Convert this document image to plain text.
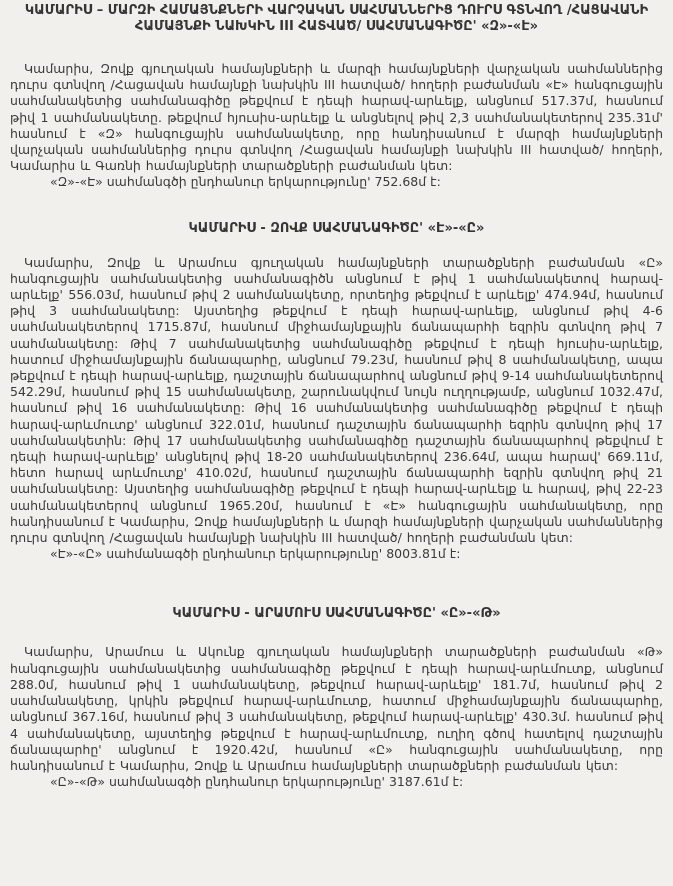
ԿԱՄԱՐԻՍ – ՄԱՐԶԻ ՀԱՄԱՅՆՔՆԵՐԻ ՎԱՐՉԱԿԱՆ ՍԱՀՄԱՆՆԵՐԻՑ ԴՈՒՐՍ ԳՏՆՎՈՂ /ՀԱՑԱՎԱՆԻ ՀԱՄԱՅՆՔԻ ՆԱԽԿԻՆ III ՀԱՏՎԱԾ/ ՍԱՀՄԱՆԱԳԻԾԸ' «Զ»-«Է»

Կամարիս, Զովք գյուղական համայնքների և մարզի համայնքների վարչական սահմաններից դուրս գտնվող /Հացավան համայնքի նախկին III հատված/ հողերի բաժանման «Է» հանգուցային սահմանակետից սահմանագիծը թեքվում է դեպի հարավ-արևելք, անցնում 517.37մ, հասնում թիվ 1 սահմանակետը. թեքվում հյուսիս-արևելք և անցնելով թիվ 2,3 սահմանակետերով 235.31մ' հասնում է «Զ» հանգուցային սահմանակետը, որը հանդիսանում է մարզի համայնքների վարչական սահմաններից դուրս գտնվող /Հացավան համայնքի նախկին III հատված/ հողերի, Կամարիս և Գառնի համայնքների տարածքների բաժանման կետ:

«Զ»-«Է» սահմանգծի ընդհանուր երկարությունը' 752.68մ է:

ԿԱՄԱՐԻՍ - ԶՈՎՔ ՍԱՀՄԱՆԱԳԻԾԸ' «Է»-«Ը»

Կամարիս, Զովք և Արամուս գյուղական համայնքների տարածքների բաժանման «Ը» հանգուցային սահմանակետից սահմանագիծն անցնում է թիվ 1 սահմանակետով հարավ-արևելք' 556.03մ, հասնում թիվ 2 սահմանակետը, որտեղից թեքվում է արևելք' 474.94մ, հասնում թիվ 3 սահմանակետը: Այստեղից թեքվում է դեպի հարավ-արևելք, անցնում թիվ 4-6 սահմանակետերով 1715.87մ, հասնում միջհամայնքային ճանապարհի եզրին գտնվող թիվ 7 սահմանակետը: Թիվ 7 սահմանակետից սահմանագիծը թեքվում է դեպի հյուսիս-արևելք, հատում միջհամայնքային ճանապարհը, անցնում 79.23մ, հասնում թիվ 8 սահմանակետը, ապա թեքվում է դեպի հարավ-արևելք, դաշտային ճանապարհով անցնում թիվ 9-14 սահմանակետերով 542.29մ, հասնում թիվ 15 սահմանակետը, շարունակվում նույն ուղղությամբ, անցնում 1032.47մ, հասնում թիվ 16 սահմանակետը: Թիվ 16 սահմանակետից սահմանագիծը թեքվում է դեպի հարավ-արևմուտք' անցնում 322.01մ, հասնում դաշտային ճանապարհի եզրին գտնվող թիվ 17 սահմանակետին: Թիվ 17 սահմանակետից սահմանագիծը դաշտային ճանապարհով թեքվում է դեպի հարավ-արևելք' անցնելով թիվ 18-20 սահմանակետերով 236.64մ, ապա հարավ' 669.11մ, հետո հարավ արևմուտք' 410.02մ, հասնում դաշտային ճանապարհի եզրին գտնվող թիվ 21 սահմանակետը: Այստեղից սահմանագիծը թեքվում է դեպի հարավ-արևելք և հարավ, թիվ 22-23 սահմանակետերով անցնում 1965.20մ, հասնում է «Է» հանգուցային սահմանակետը, որը հանդիսանում է Կամարիս, Զովք համայնքների և մարզի համայնքների վարչական սահմաններից դուրս գտնվող /Հացավան համայնքի նախկին III հատված/ հողերի բաժանման կետ:

«Է»-«Ը» սահմանագծի ընդհանուր երկարությունը' 8003.81մ է:

ԿԱՄԱՐԻՍ - ԱՐԱՄՈՒՍ ՍԱՀՄԱՆԱԳԻԾԸ' «Ը»-«Թ»

Կամարիս, Արամուս և Ակունք գյուղական համայնքների տարածքների բաժանման «Թ» հանգուցային սահմանակետից սահմանագիծը թեքվում է դեպի հարավ-արևմուտք, անցնում 288.0մ, հասնում թիվ 1 սահմանակետը, թեքվում հարավ-արևելք' 181.7մ, հասնում թիվ 2 սահմանակետը, կրկին թեքվում հարավ-արևմուտք, հատում միջհամայնքային ճանապարհը, անցնում 367.16մ, հասնում թիվ 3 սահմանակետը, թեքվում հարավ-արևելք' 430.3մ. հասնում թիվ 4 սահմանակետը, այստեղից թեքվում է հարավ-արևմուտք, ուղիղ գծով հատելով դաշտային ճանապարհը' անցնում է 1920.42մ, հասնում «Ը» հանգուցային սահմանակետը, որը հանդիսանում է Կամարիս, Զովք և Արամուս համայնքների տարածքների բաժանման կետ:

«Ը»-«Թ» սահմանագծի ընդհանուր երկարությունը' 3187.61մ է:
